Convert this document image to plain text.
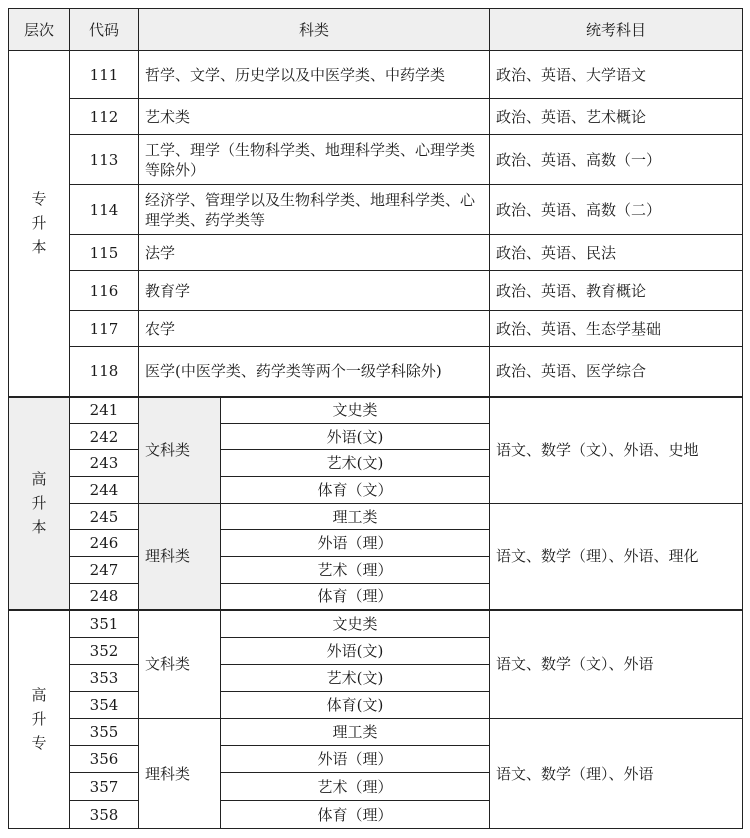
层次	代码	科类		统考科目

专
升
本	111	哲学、文学、历史学以及中医学类、中药学类		政治、英语、大学语文
	112	艺术类		政治、英语、艺术概论
	113	工学、理学（生物科学类、地理科学类、心理学类等除外）		政治、英语、高数（一）
	114	经济学、管理学以及生物科学类、地理科学类、心理学类、药学类等		政治、英语、高数（二）
	115	法学		政治、英语、民法
	116	教育学		政治、英语、教育概论
	117	农学		政治、英语、生态学基础
	118	医学(中医学类、药学类等两个一级学科除外)		政治、英语、医学综合

高
升
本	241	文科类	文史类	语文、数学（文）、外语、史地
	242		外语(文)	
	243		艺术(文)	
	244		体育（文）	
	245	理科类	理工类	语文、数学（理）、外语、理化
	246		外语（理）	
	247		艺术（理）	
	248		体育（理）	

高
升
专	351	文科类	文史类	语文、数学（文）、外语
	352		外语(文)	
	353		艺术(文)	
	354		体育(文)	
	355	理科类	理工类	语文、数学（理）、外语
	356		外语（理）	
	357		艺术（理）	
	358		体育（理）	
